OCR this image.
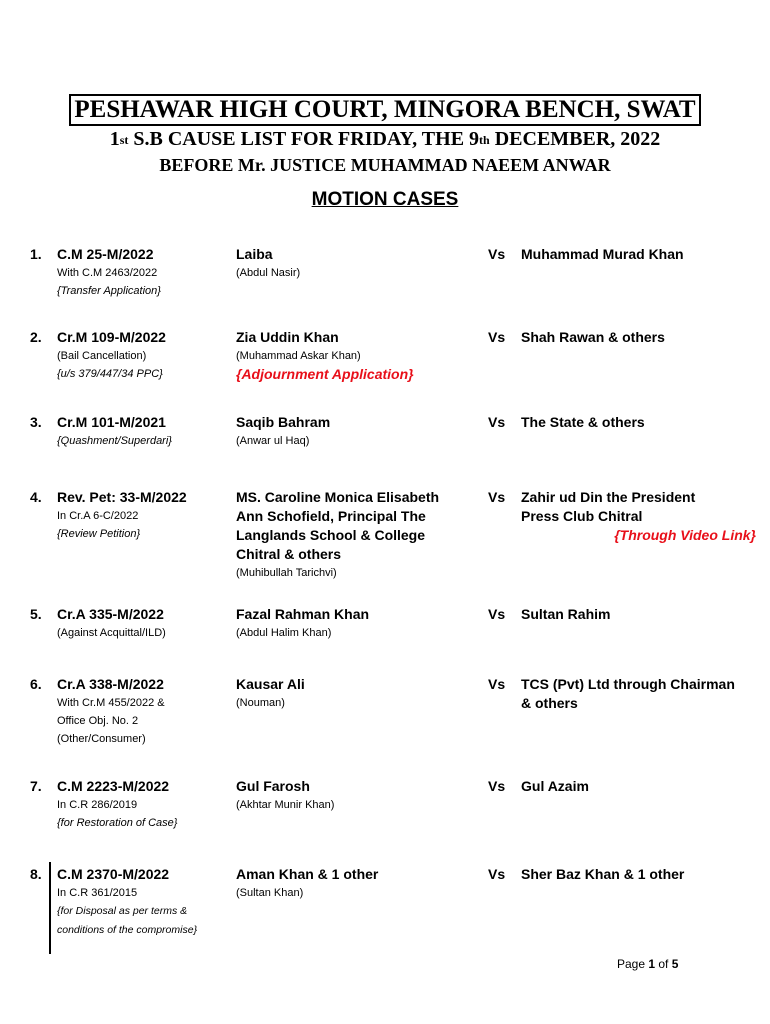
PESHAWAR HIGH COURT, MINGORA BENCH, SWAT
1st S.B CAUSE LIST FOR FRIDAY, THE 9th DECEMBER, 2022
BEFORE Mr. JUSTICE MUHAMMAD NAEEM ANWAR
MOTION CASES
1. C.M 25-M/2022
With C.M 2463/2022
{Transfer Application}
Laiba
(Abdul Nasir)
Vs Muhammad Murad Khan
2. Cr.M 109-M/2022
(Bail Cancellation)
{u/s 379/447/34 PPC}
Zia Uddin Khan
(Muhammad Askar Khan)
{Adjournment Application}
Vs Shah Rawan & others
3. Cr.M 101-M/2021
{Quashment/Superdari}
Saqib Bahram
(Anwar ul Haq)
Vs The State & others
4. Rev. Pet: 33-M/2022
In Cr.A 6-C/2022
{Review Petition}
MS. Caroline Monica Elisabeth
Ann Schofield, Principal The
Langlands School & College
Chitral & others
(Muhibullah Tarichvi)
Vs Zahir ud Din the President
Press Club Chitral
{Through Video Link}
5. Cr.A 335-M/2022
(Against Acquittal/ILD)
Fazal Rahman Khan
(Abdul Halim Khan)
Vs Sultan Rahim
6. Cr.A 338-M/2022
With Cr.M 455/2022 &
Office Obj. No. 2
(Other/Consumer)
Kausar Ali
(Nouman)
Vs TCS (Pvt) Ltd through Chairman
& others
7. C.M 2223-M/2022
In C.R 286/2019
{for Restoration of Case}
Gul Farosh
(Akhtar Munir Khan)
Vs Gul Azaim
8. C.M 2370-M/2022
In C.R 361/2015
{for Disposal as per terms &
conditions of the compromise}
Aman Khan & 1 other
(Sultan Khan)
Vs Sher Baz Khan & 1 other
Page 1 of 5
